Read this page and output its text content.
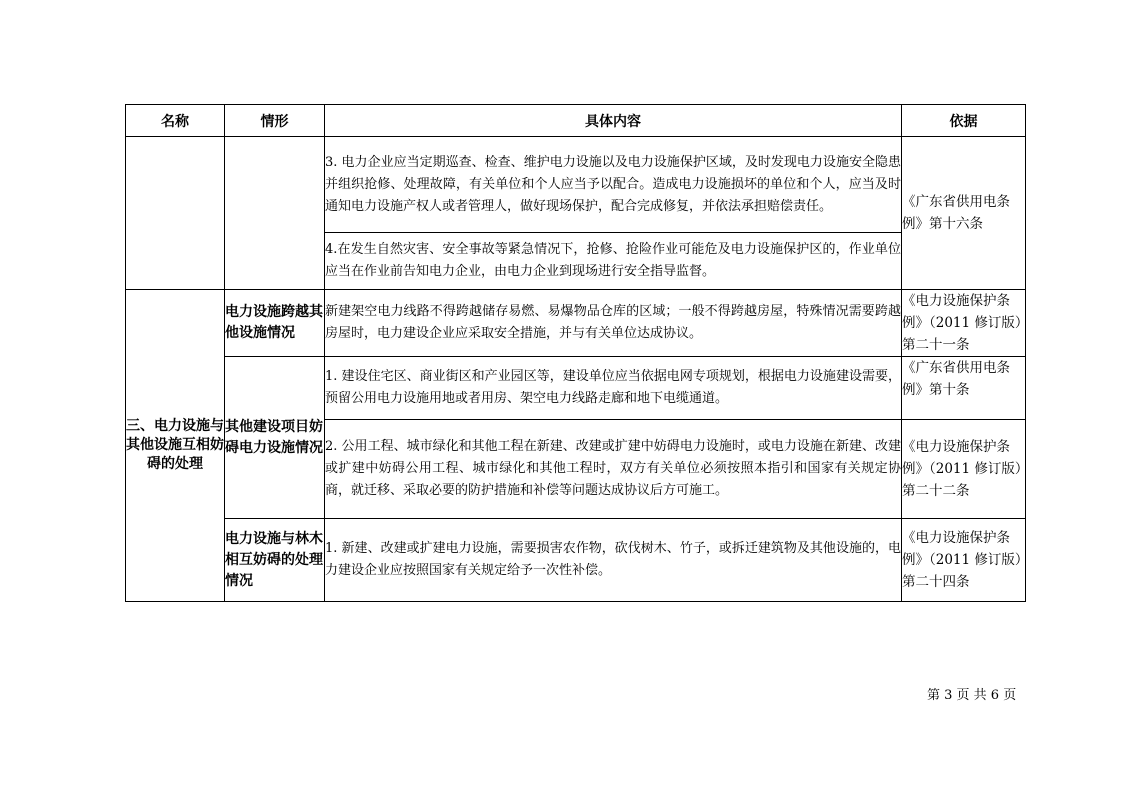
名称	情形	具体内容	依据
		3. 电力企业应当定期巡查、检查、维护电力设施以及电力设施保护区域，及时发现电力设施安全隐患并组织抢修、处理故障，有关单位和个人应当予以配合。造成电力设施损坏的单位和个人，应当及时通知电力设施产权人或者管理人，做好现场保护，配合完成修复，并依法承担赔偿责任。	《广东省供用电条例》第十六条
		4.在发生自然灾害、安全事故等紧急情况下，抢修、抢险作业可能危及电力设施保护区的，作业单位应当在作业前告知电力企业，由电力企业到现场进行安全指导监督。	
三、电力设施与其他设施互相妨碍的处理	电力设施跨越其他设施情况	新建架空电力线路不得跨越储存易燃、易爆物品仓库的区域；一般不得跨越房屋，特殊情况需要跨越房屋时，电力建设企业应采取安全措施，并与有关单位达成协议。	《电力设施保护条例》（2011 修订版）第二十一条
	其他建设项目妨碍电力设施情况	1. 建设住宅区、商业街区和产业园区等，建设单位应当依据电网专项规划，根据电力设施建设需要，预留公用电力设施用地或者用房、架空电力线路走廊和地下电缆通道。	《广东省供用电条例》第十条
		2. 公用工程、城市绿化和其他工程在新建、改建或扩建中妨碍电力设施时，或电力设施在新建、改建或扩建中妨碍公用工程、城市绿化和其他工程时，双方有关单位必须按照本指引和国家有关规定协商，就迁移、采取必要的防护措施和补偿等问题达成协议后方可施工。	《电力设施保护条例》（2011 修订版）第二十二条
	电力设施与林木相互妨碍的处理情况	1. 新建、改建或扩建电力设施，需要损害农作物，砍伐树木、竹子，或拆迁建筑物及其他设施的，电力建设企业应按照国家有关规定给予一次性补偿。	《电力设施保护条例》（2011 修订版）第二十四条
第 3 页 共 6 页
